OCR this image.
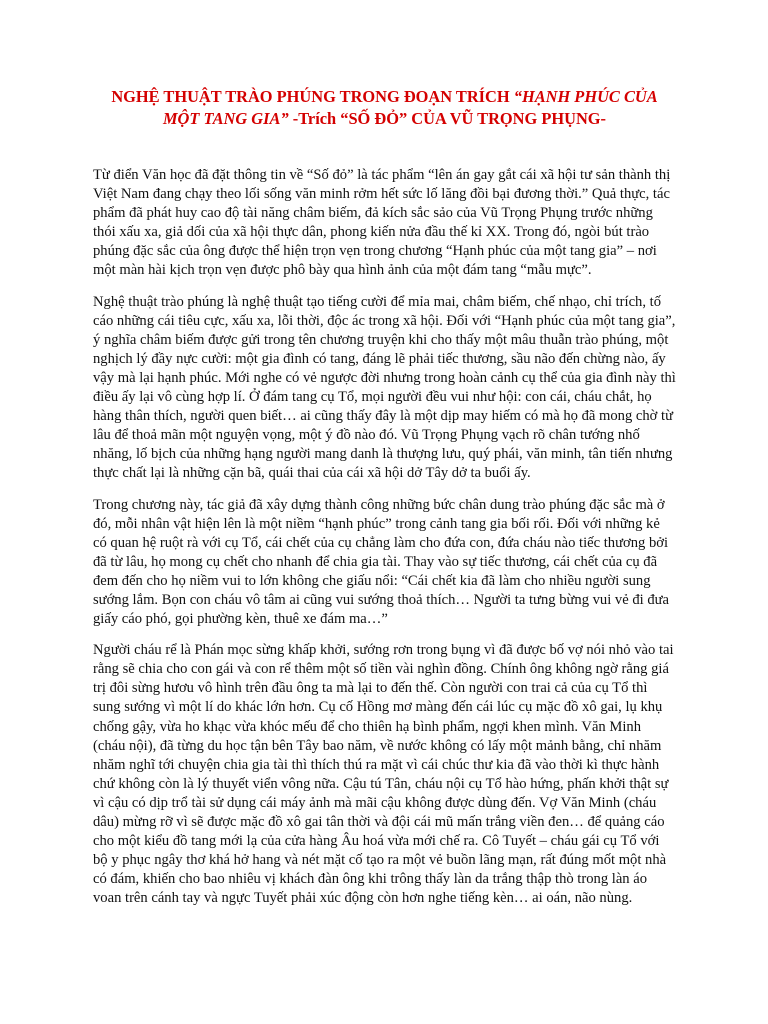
NGHỆ THUẬT TRÀO PHÚNG TRONG ĐOẠN TRÍCH “HẠNH PHÚC CỦA MỘT TANG GIA” -Trích “SỐ ĐỎ” CỦA VŨ TRỌNG PHỤNG-

Từ điển Văn học đã đặt thông tin về “Số đỏ” là tác phẩm “lên án gay gắt cái xã hội tư sản thành thị Việt Nam đang chạy theo lối sống văn minh rởm hết sức lố lăng đồi bại đương thời.” Quả thực, tác phẩm đã phát huy cao độ tài năng châm biếm, đả kích sắc sảo của Vũ Trọng Phụng trước những thói xấu xa, giả dối của xã hội thực dân, phong kiến nửa đầu thế kỉ XX. Trong đó, ngòi bút trào phúng đặc sắc của ông được thể hiện trọn vẹn trong chương “Hạnh phúc của một tang gia” – nơi một màn hài kịch trọn vẹn được phô bày qua hình ảnh của một đám tang “mẫu mực”.

Nghệ thuật trào phúng là nghệ thuật tạo tiếng cười để mỉa mai, châm biếm, chế nhạo, chỉ trích, tố cáo những cái tiêu cực, xấu xa, lỗi thời, độc ác trong xã hội. Đối với “Hạnh phúc của một tang gia”, ý nghĩa châm biếm được gửi trong tên chương truyện khi cho thấy một mâu thuẫn trào phúng, một nghịch lý đầy nực cười: một gia đình có tang, đáng lẽ phải tiếc thương, sầu não đến chừng nào, ấy vậy mà lại hạnh phúc. Mới nghe có vẻ ngược đời nhưng trong hoàn cảnh cụ thể của gia đình này thì điều ấy lại vô cùng hợp lí. Ở đám tang cụ Tổ, mọi người đều vui như hội: con cái, cháu chắt, họ hàng thân thích, người quen biết… ai cũng thấy đây là một dịp may hiếm có mà họ đã mong chờ từ lâu để thoả mãn một nguyện vọng, một ý đồ nào đó. Vũ Trọng Phụng vạch rõ chân tướng nhố nhăng, lố bịch của những hạng người mang danh là thượng lưu, quý phái, văn minh, tân tiến nhưng thực chất lại là những cặn bã, quái thai của cái xã hội dở Tây dở ta buổi ấy.

Trong chương này, tác giả đã xây dựng thành công những bức chân dung trào phúng đặc sắc mà ở đó, mỗi nhân vật hiện lên là một niềm “hạnh phúc” trong cảnh tang gia bối rối. Đối với những kẻ có quan hệ ruột rà với cụ Tổ, cái chết của cụ chẳng làm cho đứa con, đứa cháu nào tiếc thương bởi đã từ lâu, họ mong cụ chết cho nhanh để chia gia tài. Thay vào sự tiếc thương, cái chết của cụ đã đem đến cho họ niềm vui to lớn không che giấu nổi: “Cái chết kia đã làm cho nhiều người sung sướng lắm. Bọn con cháu vô tâm ai cũng vui sướng thoả thích… Người ta tưng bừng vui vẻ đi đưa giấy cáo phó, gọi phường kèn, thuê xe đám ma…”

Người cháu rể là Phán mọc sừng khấp khởi, sướng rơn trong bụng vì đã được bố vợ nói nhỏ vào tai rằng sẽ chia cho con gái và con rể thêm một số tiền vài nghìn đồng. Chính ông không ngờ rằng giá trị đôi sừng hươu vô hình trên đầu ông ta mà lại to đến thế. Còn người con trai cả của cụ Tổ thì sung sướng vì một lí do khác lớn hơn. Cụ cố Hồng mơ màng đến cái lúc cụ mặc đồ xô gai, lụ khụ chống gậy, vừa ho khạc vừa khóc mếu để cho thiên hạ bình phẩm, ngợi khen mình. Văn Minh (cháu nội), đã từng du học tận bên Tây bao năm, về nước không có lấy một mảnh bằng, chỉ nhăm nhăm nghĩ tới chuyện chia gia tài thì thích thú ra mặt vì cái chúc thư kia đã vào thời kì thực hành chứ không còn là lý thuyết viển vông nữa. Cậu tú Tân, cháu nội cụ Tổ hào hứng, phấn khởi thật sự vì cậu có dịp trổ tài sử dụng cái máy ảnh mà mãi cậu không được dùng đến. Vợ Văn Minh (cháu dâu) mừng rỡ vì sẽ được mặc đồ xô gai tân thời và đội cái mũ mấn trắng viền đen… để quảng cáo cho một kiểu đồ tang mới lạ của cửa hàng Âu hoá vừa mới chế ra. Cô Tuyết – cháu gái cụ Tổ với bộ y phục ngây thơ khá hở hang và nét mặt cố tạo ra một vẻ buồn lãng mạn, rất đúng mốt một nhà có đám, khiến cho bao nhiêu vị khách đàn ông khi trông thấy làn da trắng thập thò trong làn áo voan trên cánh tay và ngực Tuyết phải xúc động còn hơn nghe tiếng kèn… ai oán, não nùng.
